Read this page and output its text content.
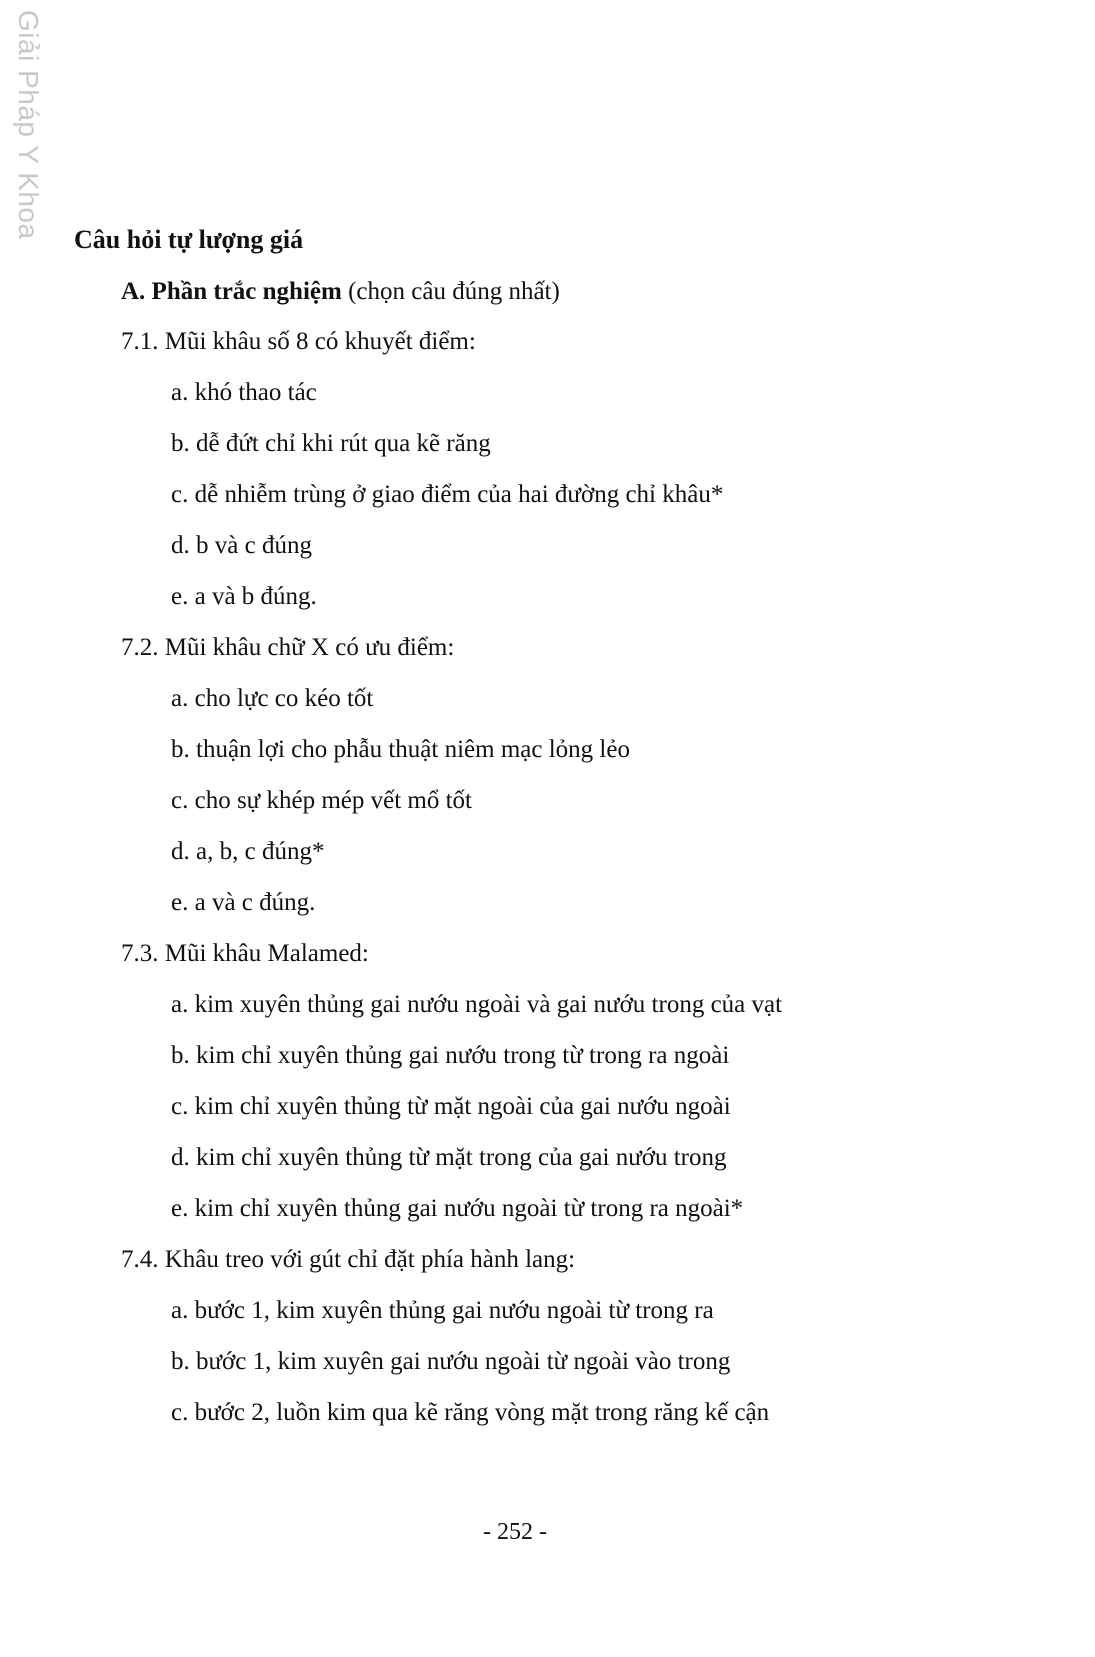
Giải Pháp Y Khoa Câu hỏi tự lượng giá
A. Phần trắc nghiệm (chọn câu đúng nhất)
7.1. Mũi khâu số 8 có khuyết điểm:
a. khó thao tác
b. dễ đứt chỉ khi rút qua kẽ răng
c. dễ nhiễm trùng ở giao điểm của hai đường chỉ khâu*
d. b và c đúng
e. a và b đúng.
7.2. Mũi khâu chữ X có ưu điểm:
a. cho lực co kéo tốt
b. thuận lợi cho phẫu thuật niêm mạc lỏng lẻo
c. cho sự khép mép vết mổ tốt
d. a, b, c đúng*
e. a và c đúng.
7.3. Mũi khâu Malamed:
a. kim xuyên thủng gai nướu ngoài và gai nướu trong của vạt
b. kim chỉ xuyên thủng gai nướu trong từ trong ra ngoài
c. kim chỉ xuyên thủng từ mặt ngoài của gai nướu ngoài
d. kim chỉ xuyên thủng từ mặt trong của gai nướu trong
e. kim chỉ xuyên thủng gai nướu ngoài từ trong ra ngoài*
7.4. Khâu treo với gút chỉ đặt phía hành lang:
a. bước 1, kim xuyên thủng gai nướu ngoài từ trong ra
b. bước 1, kim xuyên gai nướu ngoài từ ngoài vào trong
c. bước 2, luồn kim qua kẽ răng vòng mặt trong răng kế cận
- 252 -
